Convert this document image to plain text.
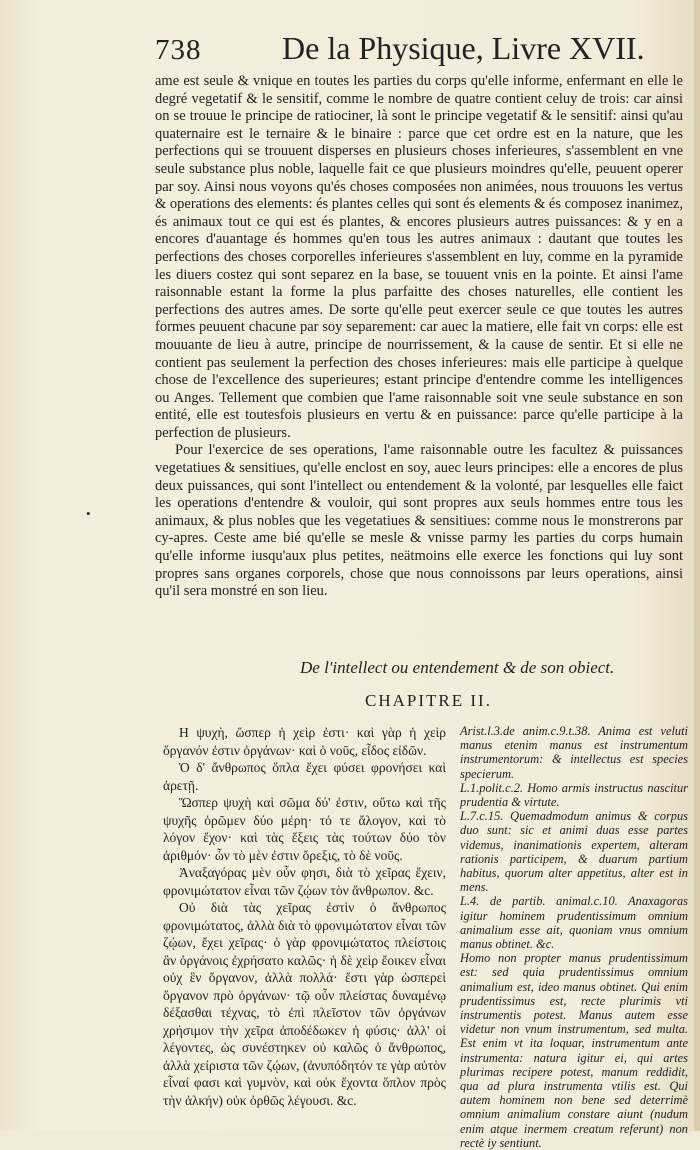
738	De la Physique, Livre XVII.

ame est seule & vnique en toutes les parties du corps qu'elle informe, enfermant en elle le degré vegetatif & le sensitif, comme le nombre de quatre contient celuy de trois: car ainsi on se trouue le principe de ratiociner, là sont le principe vegetatif & le sensitif: ainsi qu'au quaternaire est le ternaire & le binaire : parce que cet ordre est en la nature, que les perfections qui se trouuent disperses en plusieurs choses inferieures, s'assemblent en vne seule substance plus noble, laquelle fait ce que plusieurs moindres qu'elle, peuuent operer par soy. Ainsi nous voyons qu'és choses composées non animées, nous trouuons les vertus & operations des elements: és plantes celles qui sont és elements & és composez inanimez, és animaux tout ce qui est és plantes, & encores plusieurs autres puissances: & y en a encores d'auantage és hommes qu'en tous les autres animaux : dautant que toutes les perfections des choses corporelles inferieures s'assemblent en luy, comme en la pyramide les diuers costez qui sont separez en la base, se touuent vnis en la pointe. Et ainsi l'ame raisonnable estant la forme la plus parfaitte des choses naturelles, elle contient les perfections des autres ames. De sorte qu'elle peut exercer seule ce que toutes les autres formes peuuent chacune par soy separement: car auec la matiere, elle fait vn corps: elle est mouuante de lieu à autre, principe de nourrissement, & la cause de sentir. Et si elle ne contient pas seulement la perfection des choses inferieures: mais elle participe à quelque chose de l'excellence des superieures; estant principe d'entendre comme les intelligences ou Anges. Tellement que combien que l'ame raisonnable soit vne seule substance en son entité, elle est toutesfois plusieurs en vertu & en puissance: parce qu'elle participe à la perfection de plusieurs.

Pour l'exercice de ses operations, l'ame raisonnable outre les facultez & puissances vegetatiues & sensitiues, qu'elle enclost en soy, auec leurs principes: elle a encores de plus deux puissances, qui sont l'intellect ou entendement & la volonté, par lesquelles elle faict les operations d'entendre & vouloir, qui sont propres aux seuls hommes entre tous les animaux, & plus nobles que les vegetatiues & sensitiues: comme nous le monstrerons par cy-apres. Ceste ame bié qu'elle se mesle & vnisse parmy les parties du corps humain qu'elle informe iusqu'aux plus petites, neätmoins elle exerce les fonctions qui luy sont propres sans organes corporels, chose que nous connoissons par leurs operations, ainsi qu'il sera monstré en son lieu.

•
De l'intellect ou entendement & de son obiect.
CHAPITRE II.

Η ψυχὴ, ὥσπερ ἡ χεὶρ ἐστι· καὶ γὰρ ἡ χεὶρ ὄργανόν ἐστιν ὀργάνων· καὶ ὁ νοῦς, εἶδος εἰδῶν.

Ὁ δ' ἄνθρωπος ὅπλα ἔχει φύσει φρονήσει καὶ ἀρετῇ.

Ὥσπερ ψυχὴ καὶ σῶμα δύ' ἐστιν, οὕτω καὶ τῆς ψυχῆς ὁρῶμεν δύο μέρη· τό τε ἄλογον, καὶ τὸ λόγον ἔχον· καὶ τὰς ἕξεις τὰς τούτων δύο τὸν ἀριθμόν· ὧν τὸ μὲν ἐστιν ὄρεξις, τὸ δὲ νοῦς.

Ἀναξαγόρας μὲν οὖν φησι, διὰ τὸ χεῖρας ἔχειν, φρονιμώτατον εἶναι τῶν ζῴων τὸν ἄνθρωπον. &c.

Οὐ διὰ τὰς χεῖρας ἐστὶν ὁ ἄνθρωπος φρονιμώτατος, ἀλλὰ διὰ τὸ φρονιμώτατον εἶναι τῶν ζῴων, ἔχει χεῖρας· ὁ γὰρ φρονιμώτατος πλείστοις ἂν ὀργάνοις ἐχρήσατο καλῶς· ἡ δὲ χεὶρ ἔοικεν εἶναι οὐχ ἓν ὄργανον, ἀλλὰ πολλά· ἔστι γὰρ ὡσπερεὶ ὄργανον πρὸ ὀργάνων· τῷ οὖν πλείστας δυναμένῳ δέξασθαι τέχνας, τὸ ἐπὶ πλεῖστον τῶν ὀργάνων χρήσιμον τὴν χεῖρα ἀποδέδωκεν ἡ φύσις· ἀλλ' οἱ λέγοντες, ὡς συνέστηκεν οὐ καλῶς ὁ ἄνθρωπος, ἀλλὰ χείριστα τῶν ζῴων, (ἀνυπόδητόν τε γὰρ αὐτὸν εἶναί φασι καὶ γυμνὸν, καὶ οὐκ ἔχοντα ὅπλον πρὸς τὴν ἀλκήν) οὐκ ὀρθῶς λέγουσι. &c.

Arist.l.3.de anim.c.9.t.38. Anima est veluti manus etenim manus est instrumentum instrumentorum: & intellectus est species specierum.

L.1.polit.c.2. Homo armis instructus nascitur prudentia & virtute.

L.7.c.15. Quemadmodum animus & corpus duo sunt: sic et animi duas esse partes videmus, inanimationis expertem, alteram rationis participem, & duarum partium habitus, quorum alter appetitus, alter est in mens.

L.4. de partib. animal.c.10. Anaxagoras igitur hominem prudentissimum omnium animalium esse ait, quoniam vnus omnium manus obtinet. &c.

Homo non propter manus prudentissimum est: sed quia prudentissimus omnium animalium est, ideo manus obtinet. Qui enim prudentissimus est, recte plurimis vti instrumentis potest. Manus autem esse videtur non vnum instrumentum, sed multa. Est enim vt ita loquar, instrumentum ante instrumenta: natura igitur ei, qui artes plurimas recipere potest, manum reddidit, qua ad plura instrumenta vtilis est. Qui autem hominem non bene sed deterrimè omnium animalium constare aiunt (nudum enim atque inermem creatum referunt) non rectè iy sentiunt.
